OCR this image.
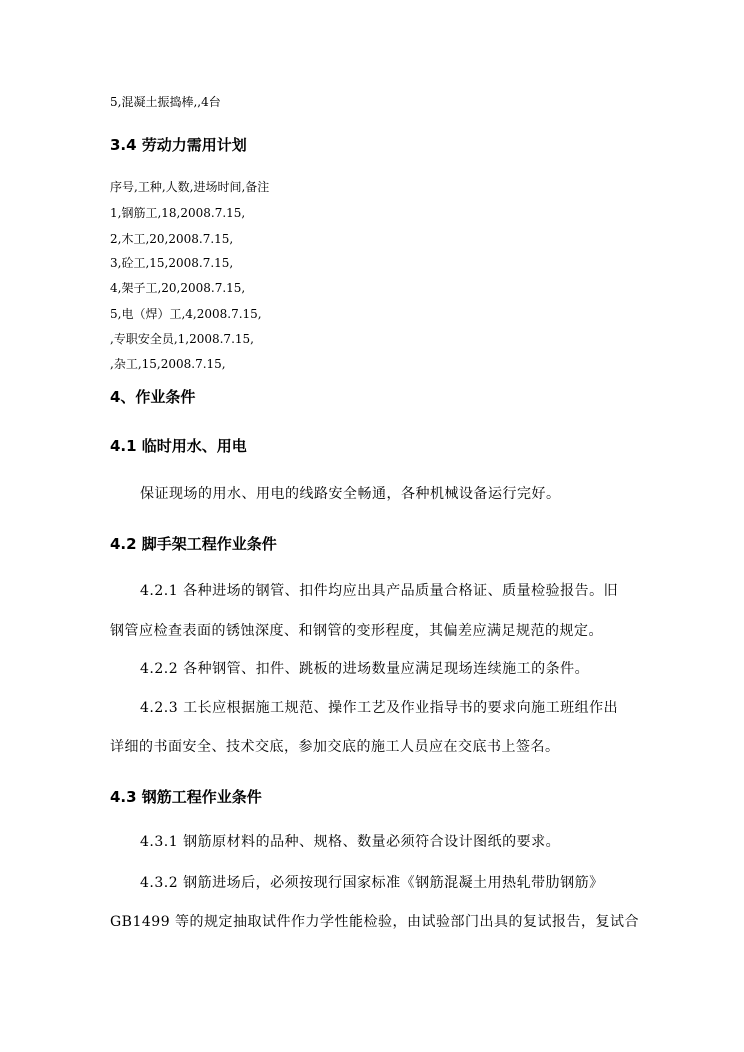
5,混凝土振捣棒,,4台
3.4 劳动力需用计划
序号,工种,人数,进场时间,备注
1,钢筋工,18,2008.7.15,
2,木工,20,2008.7.15,
3,砼工,15,2008.7.15,
4,架子工,20,2008.7.15,
5,电（焊）工,4,2008.7.15,
,专职安全员,1,2008.7.15,
,杂工,15,2008.7.15,
4、作业条件
4.1 临时用水、用电
保证现场的用水、用电的线路安全畅通，各种机械设备运行完好。
4.2 脚手架工程作业条件
4.2.1 各种进场的钢管、扣件均应出具产品质量合格证、质量检验报告。旧
钢管应检查表面的锈蚀深度、和钢管的变形程度，其偏差应满足规范的规定。
4.2.2 各种钢管、扣件、跳板的进场数量应满足现场连续施工的条件。
4.2.3 工长应根据施工规范、操作工艺及作业指导书的要求向施工班组作出
详细的书面安全、技术交底，参加交底的施工人员应在交底书上签名。
4.3 钢筋工程作业条件
4.3.1 钢筋原材料的品种、规格、数量必须符合设计图纸的要求。
4.3.2 钢筋进场后，必须按现行国家标准《钢筋混凝土用热轧带肋钢筋》
GB1499 等的规定抽取试件作力学性能检验，由试验部门出具的复试报告，复试合
